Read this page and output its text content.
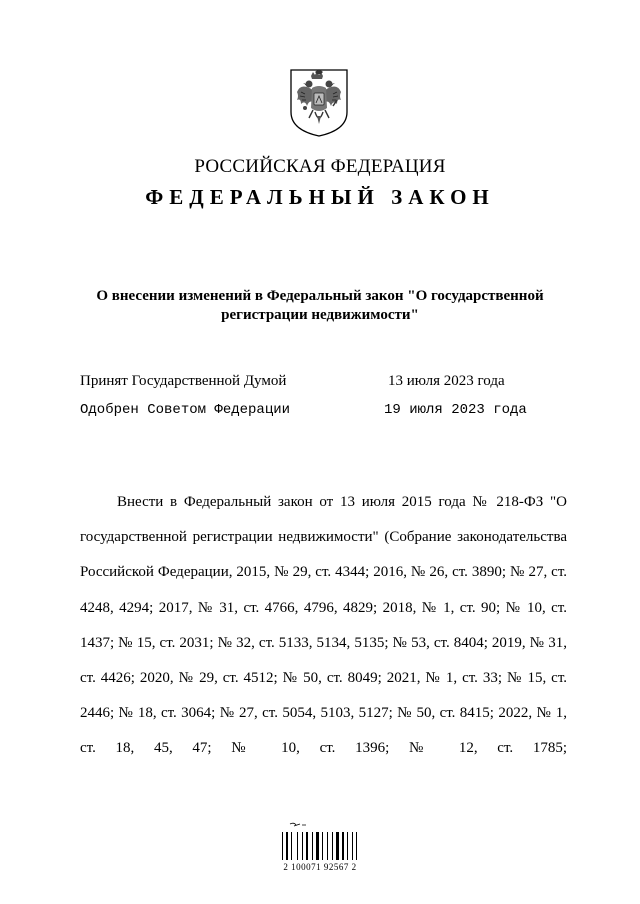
РОССИЙСКАЯ ФЕДЕРАЦИЯ
ФЕДЕРАЛЬНЫЙ ЗАКОН
О внесении изменений в Федеральный закон "О государственной
регистрации недвижимости"
Принят Государственной Думой	13 июля 2023 года
Одобрен Советом Федерации	19 июля 2023 года

Внести в Федеральный закон от 13 июля 2015 года № 218-ФЗ "О государственной регистрации недвижимости" (Собрание законодательства Российской Федерации, 2015, № 29, ст. 4344; 2016, № 26, ст. 3890; № 27, ст. 4248, 4294; 2017, № 31, ст. 4766, 4796, 4829; 2018, № 1, ст. 90; № 10, ст. 1437; № 15, ст. 2031; № 32, ст. 5133, 5134, 5135; № 53, ст. 8404; 2019, № 31, ст. 4426; 2020, № 29, ст. 4512; № 50, ст. 8049; 2021, № 1, ст. 33; № 15, ст. 2446; № 18, ст. 3064; № 27, ст. 5054, 5103, 5127; № 50, ст. 8415; 2022, № 1, ст. 18, 45, 47; № 10, ст. 1396; № 12, ст. 1785;

2 100071 92567 2
